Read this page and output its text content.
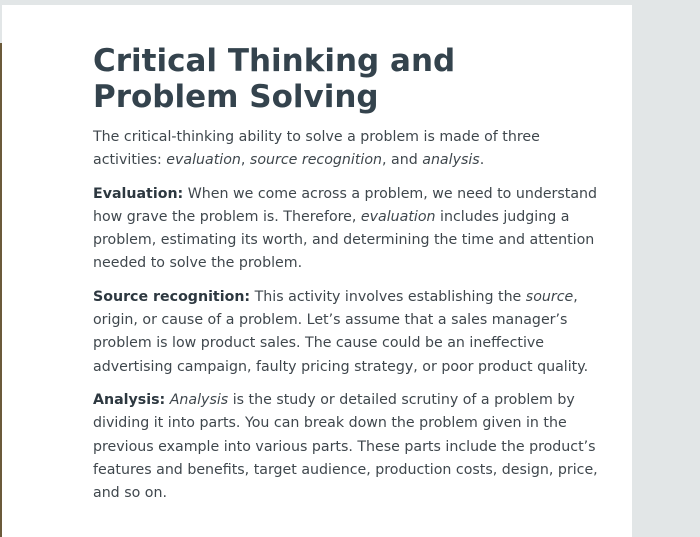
Critical Thinking and Problem Solving

The critical-thinking ability to solve a problem is made of three activities: evaluation, source recognition, and analysis.

Evaluation: When we come across a problem, we need to understand how grave the problem is. Therefore, evaluation includes judging a problem, estimating its worth, and determining the time and attention needed to solve the problem.

Source recognition: This activity involves establishing the source, origin, or cause of a problem. Let’s assume that a sales manager’s problem is low product sales. The cause could be an ineffective advertising campaign, faulty pricing strategy, or poor product quality.

Analysis: Analysis is the study or detailed scrutiny of a problem by dividing it into parts. You can break down the problem given in the previous example into various parts. These parts include the product’s features and benefits, target audience, production costs, design, price, and so on.
